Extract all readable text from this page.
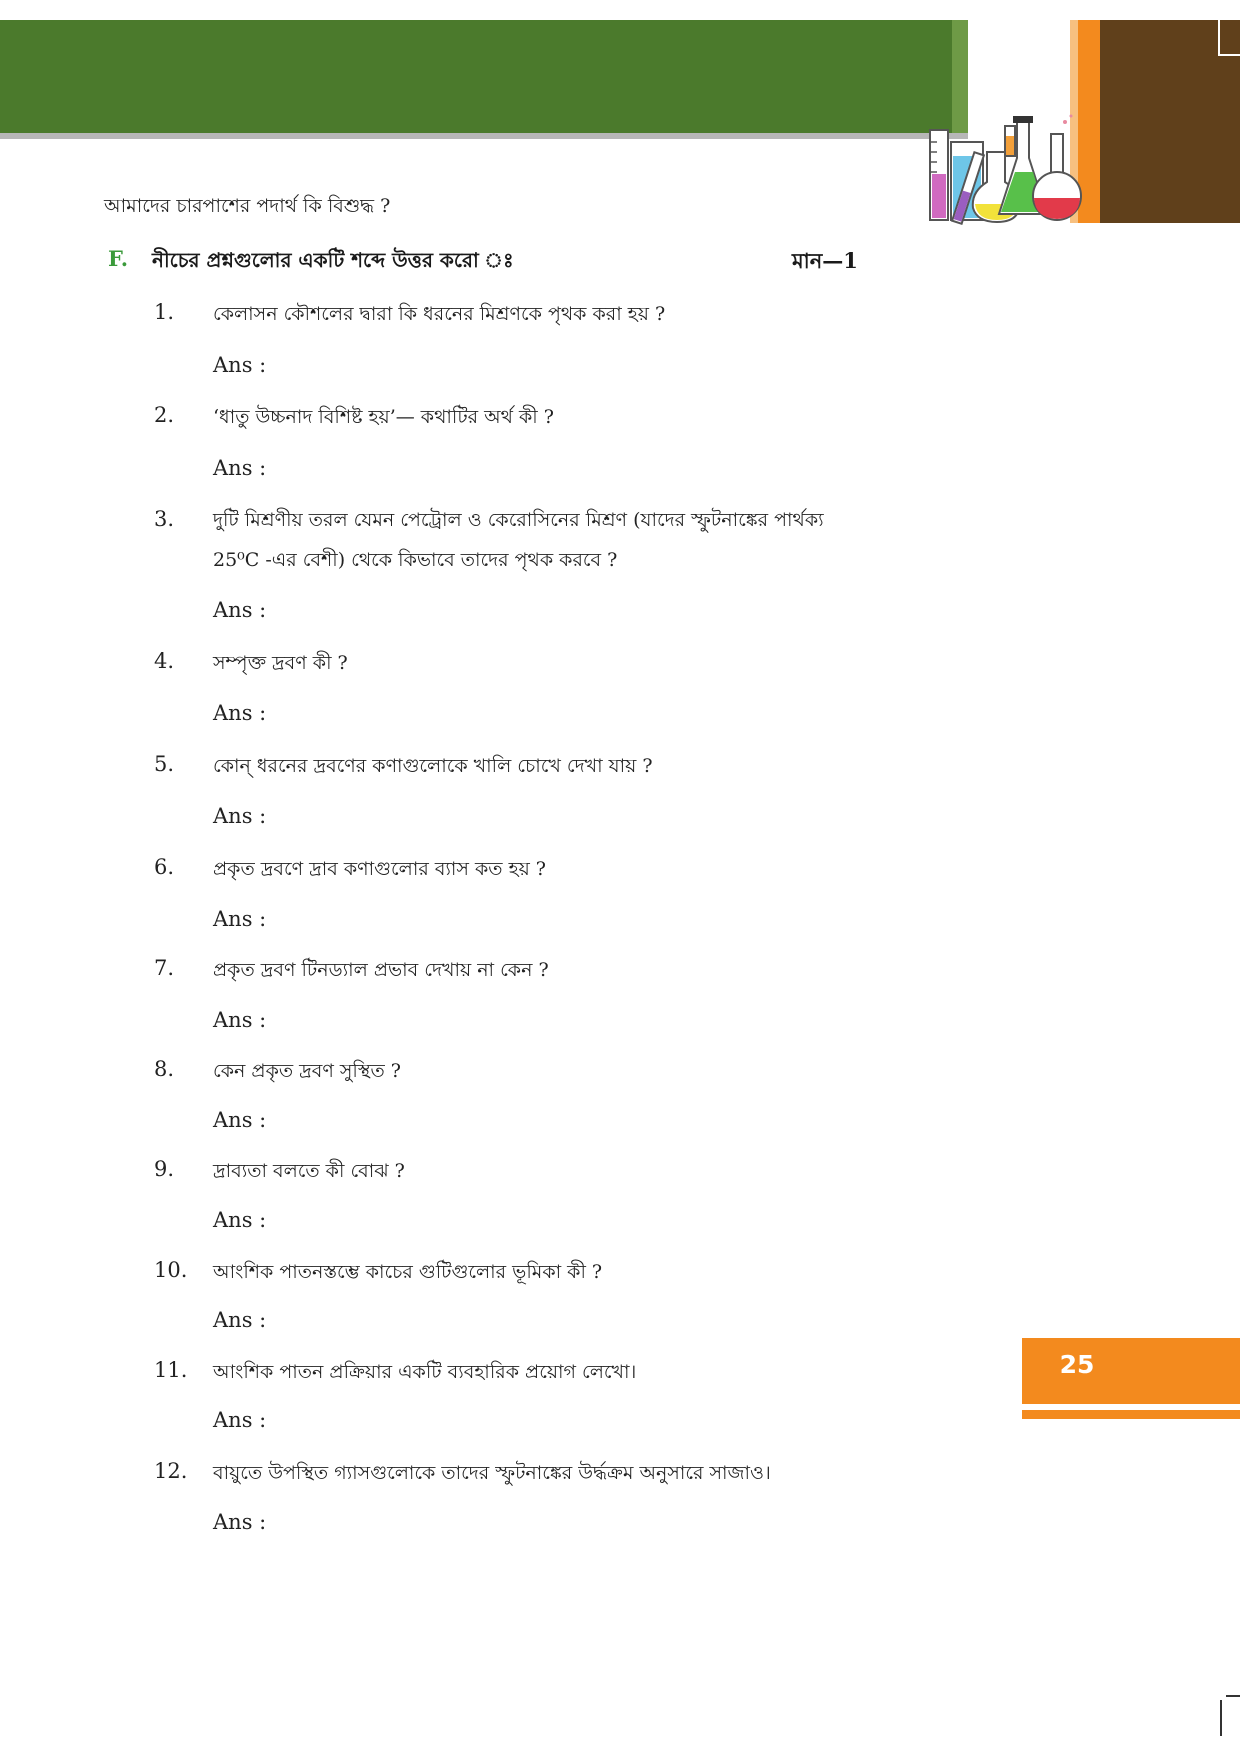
আমাদের চারপাশের পদার্থ কি বিশুদ্ধ ?
F. নীচের প্রশ্নগুলোর একটি শব্দে উত্তর করো ঃ	মান—1
1. কেলাসন কৌশলের দ্বারা কি ধরনের মিশ্রণকে পৃথক করা হয় ?
Ans :
2. ‘ধাতু উচ্চনাদ বিশিষ্ট হয়’— কথাটির অর্থ কী ?
Ans :
3. দুটি মিশ্রণীয় তরল যেমন পেট্রোল ও কেরোসিনের মিশ্রণ (যাদের স্ফুটনাঙ্কের পার্থক্য 25⁰C -এর বেশী) থেকে কিভাবে তাদের পৃথক করবে ?
Ans :
4. সম্পৃক্ত দ্রবণ কী ?
Ans :
5. কোন্ ধরনের দ্রবণের কণাগুলোকে খালি চোখে দেখা যায় ?
Ans :
6. প্রকৃত দ্রবণে দ্রাব কণাগুলোর ব্যাস কত হয় ?
Ans :
7. প্রকৃত দ্রবণ টিনড্যাল প্রভাব দেখায় না কেন ?
Ans :
8. কেন প্রকৃত দ্রবণ সুস্থিত ?
Ans :
9. দ্রাব্যতা বলতে কী বোঝ ?
Ans :
10. আংশিক পাতনস্তম্ভে কাচের গুটিগুলোর ভূমিকা কী ?
Ans :
11. আংশিক পাতন প্রক্রিয়ার একটি ব্যবহারিক প্রয়োগ লেখো।
Ans :
12. বায়ুতে উপস্থিত গ্যাসগুলোকে তাদের স্ফুটনাঙ্কের উর্দ্ধক্রম অনুসারে সাজাও।
Ans :
25
